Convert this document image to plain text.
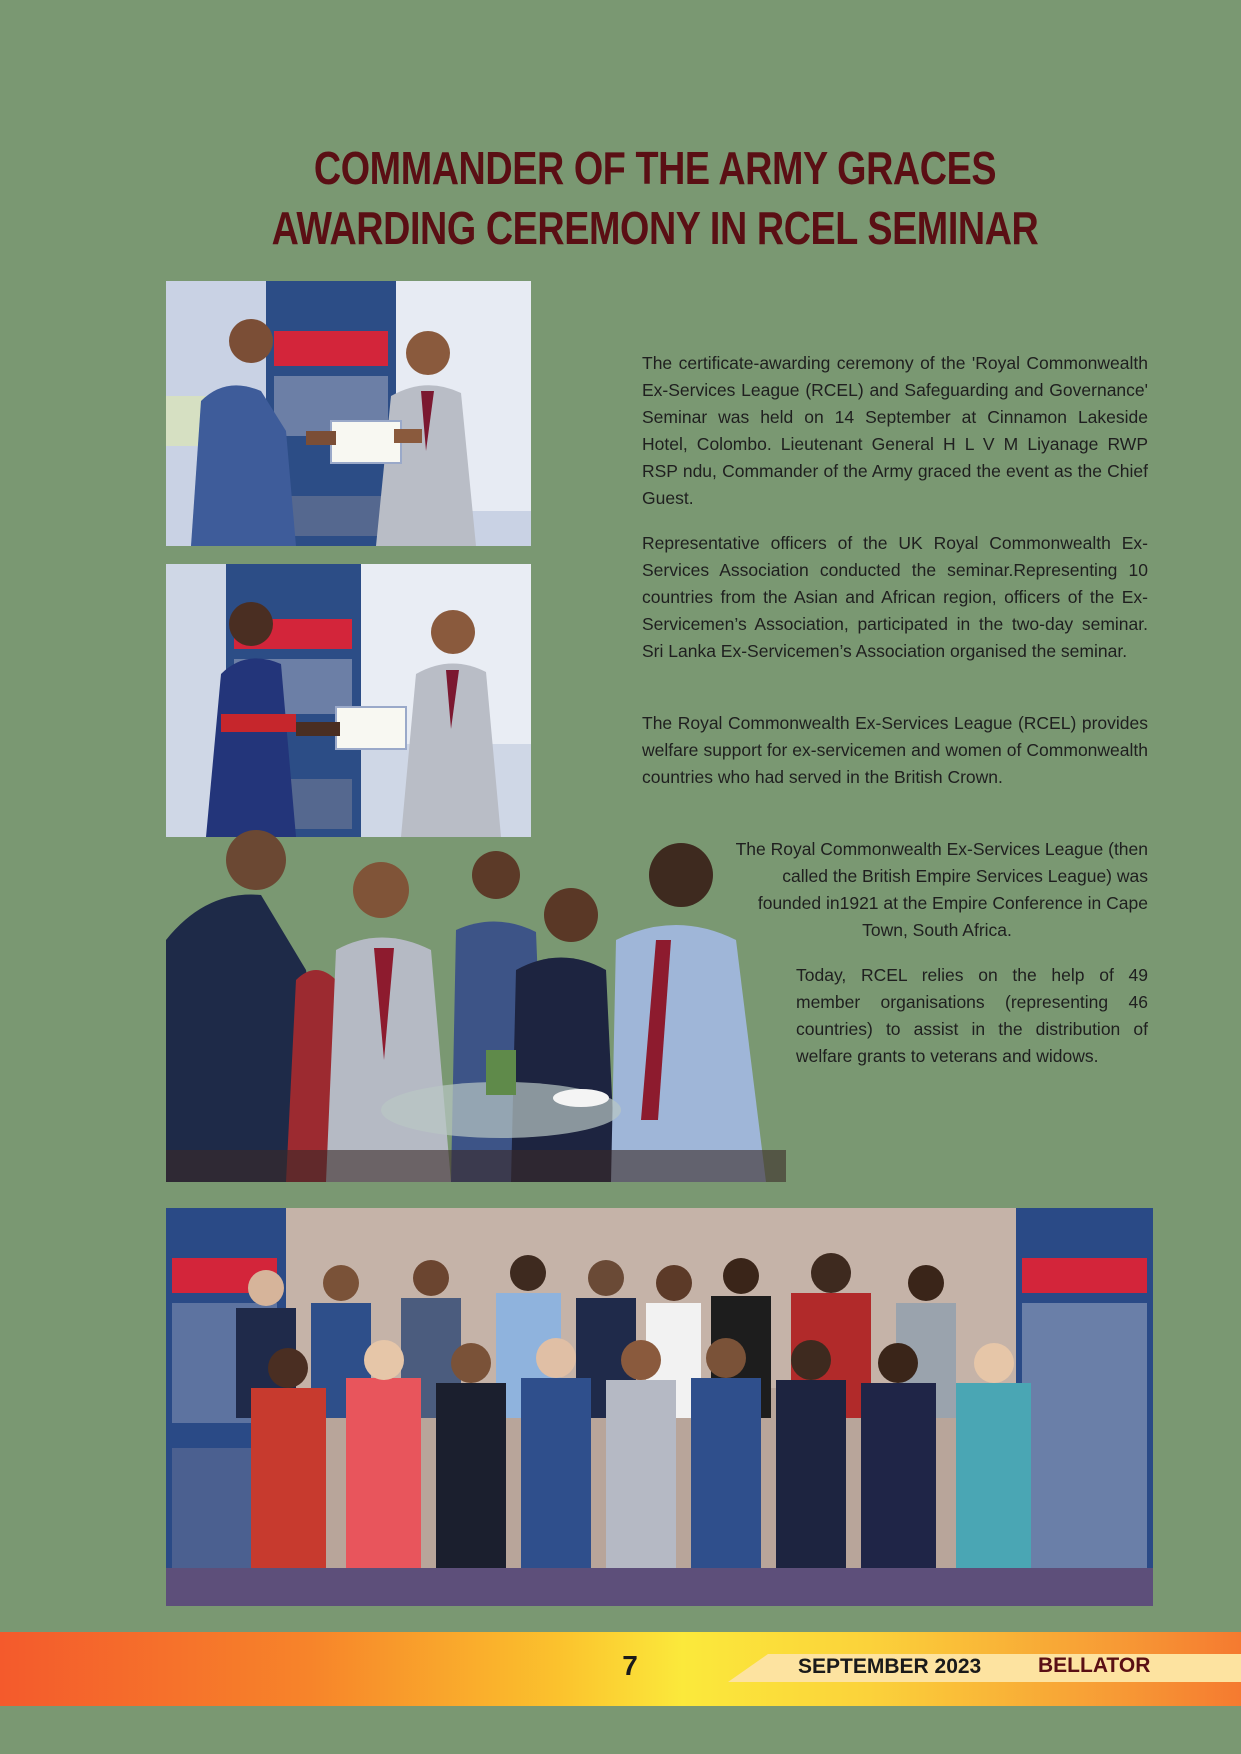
COMMANDER OF THE ARMY GRACES AWARDING CEREMONY IN RCEL SEMINAR

The certificate-awarding ceremony of the 'Royal Commonwealth Ex-Services League (RCEL) and Safeguarding and Governance' Seminar was held on 14 September at Cinnamon Lakeside Hotel, Colombo. Lieutenant General H L V M Liyanage RWP RSP ndu, Commander of the Army graced the event as the Chief Guest.

Representative officers of the UK Royal Commonwealth Ex-Services Association conducted the seminar.Representing 10 countries from the Asian and African region, officers of the Ex-Servicemen’s Association, participated in the two-day seminar. Sri Lanka Ex-Servicemen’s Association organised the seminar.

The Royal Commonwealth Ex-Services League (RCEL) provides welfare support for ex-servicemen and women of Commonwealth countries who had served in the British Crown.

The Royal Commonwealth Ex-Services League (then called the British Empire Services League) was founded in1921 at the Empire Conference in Cape Town, South Africa.

Today, RCEL relies on the help of 49 member organisations (representing 46 countries) to assist in the distribution of welfare grants to veterans and widows.

7	SEPTEMBER 2023	BELLATOR
